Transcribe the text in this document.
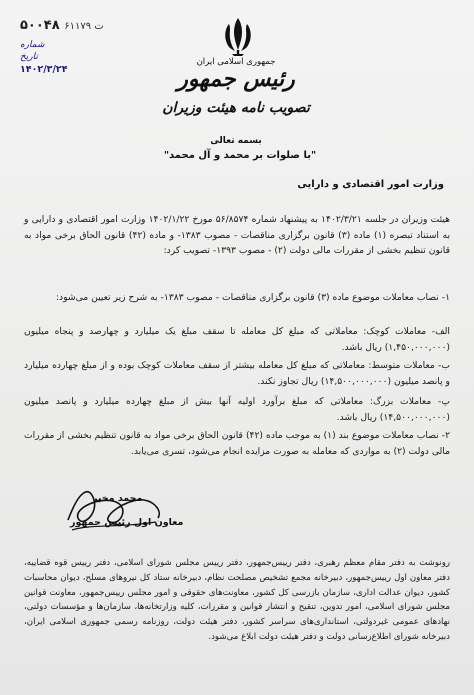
۵۰۰۴۸ ت ۶۱۱۷۹
شماره
تاریخ
۱۴۰۲/۳/۲۴
جمهوری اسلامی ایران
رئیس جمهور
تصویب نامه هیئت وزیران
بسمه تعالی
"با صلوات بر محمد و آل محمد"
وزارت امور اقتصادی و دارایی
هیئت وزیران در جلسه ۱۴۰۲/۳/۲۱ به پیشنهاد شماره ۵۶/۸۵۷۴ مورخ ۱۴۰۲/۱/۲۲ وزارت امور اقتصادی و دارایی و به استناد تبصره (۱) ماده (۳) قانون برگزاری مناقصات - مصوب ۱۳۸۳- و ماده (۴۲) قانون الحاق برخی مواد به قانون تنظیم بخشی از مقررات مالی دولت (۲) - مصوب ۱۳۹۳- تصویب کرد:
۱- نصاب معاملات موضوع ماده (۳) قانون برگزاری مناقصات - مصوب ۱۳۸۳- به شرح زیر تعیین می‌شود:
الف- معاملات کوچک: معاملاتی که مبلغ کل معامله تا سقف مبلغ یک میلیارد و چهارصد و پنجاه میلیون (۱,۴۵۰,۰۰۰,۰۰۰) ریال باشد.
ب- معاملات متوسط: معاملاتی که مبلغ کل معامله بیشتر از سقف معاملات کوچک بوده و از مبلغ چهارده میلیارد و پانصد میلیون (۱۴,۵۰۰,۰۰۰,۰۰۰) ریال تجاوز نکند.
پ- معاملات بزرگ: معاملاتی که مبلغ برآورد اولیه آنها بیش از مبلغ چهارده میلیارد و پانصد میلیون (۱۴,۵۰۰,۰۰۰,۰۰۰) ریال باشد.
۲- نصاب معاملات موضوع بند (۱) به موجب ماده (۴۲) قانون الحاق برخی مواد به قانون تنظیم بخشی از مقررات مالی دولت (۲) به مواردی که معامله به صورت مزایده انجام می‌شود، تسری می‌یابد.
محمد مخبر
معاون اول رئیس جمهور
رونوشت به دفتر مقام معظم رهبری، دفتر رییس‌جمهور، دفتر رییس مجلس شورای اسلامی، دفتر رییس قوه قضاییه، دفتر معاون اول رییس‌جمهور، دبیرخانه مجمع تشخیص مصلحت نظام، دبیرخانه ستاد کل نیروهای مسلح، دیوان محاسبات کشور، دیوان عدالت اداری، سازمان بازرسی کل کشور، معاونت‌های حقوقی و امور مجلس رییس‌جمهور، معاونت قوانین مجلس شورای اسلامی، امور تدوین، تنقیح و انتشار قوانین و مقررات، کلیه وزارتخانه‌ها، سازمان‌ها و مؤسسات دولتی، نهادهای عمومی غیردولتی، استانداری‌های سراسر کشور، دفتر هیئت دولت، روزنامه رسمی جمهوری اسلامی ایران، دبیرخانه شورای اطلاع‌رسانی دولت و دفتر هیئت دولت ابلاغ می‌شود.
